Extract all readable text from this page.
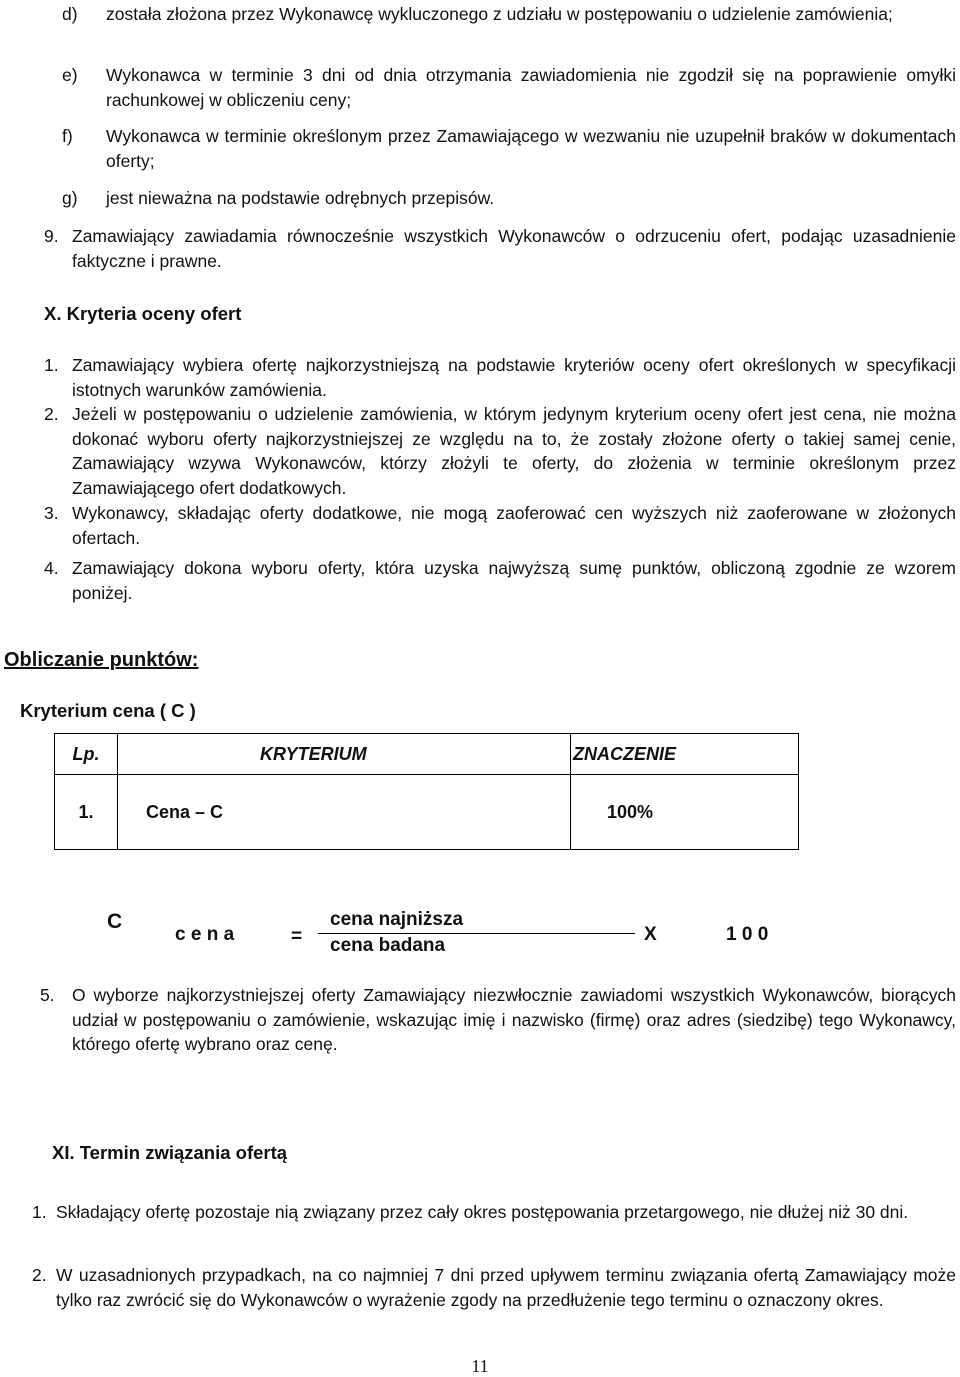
d)	została złożona przez Wykonawcę wykluczonego z udziału w postępowaniu o udzielenie zamówienia;
e)	Wykonawca w terminie 3 dni od dnia otrzymania zawiadomienia nie zgodził się na poprawienie omyłki rachunkowej w obliczeniu ceny;
f)	Wykonawca w terminie określonym przez Zamawiającego w wezwaniu nie uzupełnił braków w dokumentach oferty;
g)	jest nieważna na podstawie odrębnych przepisów.
9. Zamawiający zawiadamia równocześnie wszystkich Wykonawców o odrzuceniu ofert, podając uzasadnienie faktyczne i prawne.
X. Kryteria oceny ofert
1. Zamawiający wybiera ofertę najkorzystniejszą na podstawie kryteriów oceny ofert określonych w specyfikacji istotnych warunków zamówienia.
2. Jeżeli w postępowaniu o udzielenie zamówienia, w którym jedynym kryterium oceny ofert jest cena, nie można dokonać wyboru oferty najkorzystniejszej ze względu na to, że zostały złożone oferty o takiej samej cenie, Zamawiający wzywa Wykonawców, którzy złożyli te oferty, do złożenia w terminie określonym przez Zamawiającego ofert dodatkowych.
3. Wykonawcy, składając oferty dodatkowe, nie mogą zaoferować cen wyższych niż zaoferowane w złożonych ofertach.
4. Zamawiający dokona wyboru oferty, która uzyska najwyższą sumę punktów, obliczoną zgodnie ze wzorem poniżej.
Obliczanie punktów:
Kryterium cena ( C )
Lp.	KRYTERIUM	ZNACZENIE
1.	Cena – C	100%
C
c e n a	=
cena najniższa
cena badana
X	1 0 0
5. O wyborze najkorzystniejszej oferty Zamawiający niezwłocznie zawiadomi wszystkich Wykonawców, biorących udział w postępowaniu o zamówienie, wskazując imię i nazwisko (firmę) oraz adres (siedzibę) tego Wykonawcy, którego ofertę wybrano oraz cenę.
XI. Termin związania ofertą
1. Składający ofertę pozostaje nią związany przez cały okres postępowania przetargowego, nie dłużej niż 30 dni.
2. W uzasadnionych przypadkach, na co najmniej 7 dni przed upływem terminu związania ofertą Zamawiający może tylko raz zwrócić się do Wykonawców o wyrażenie zgody na przedłużenie tego terminu o oznaczony okres.
11
